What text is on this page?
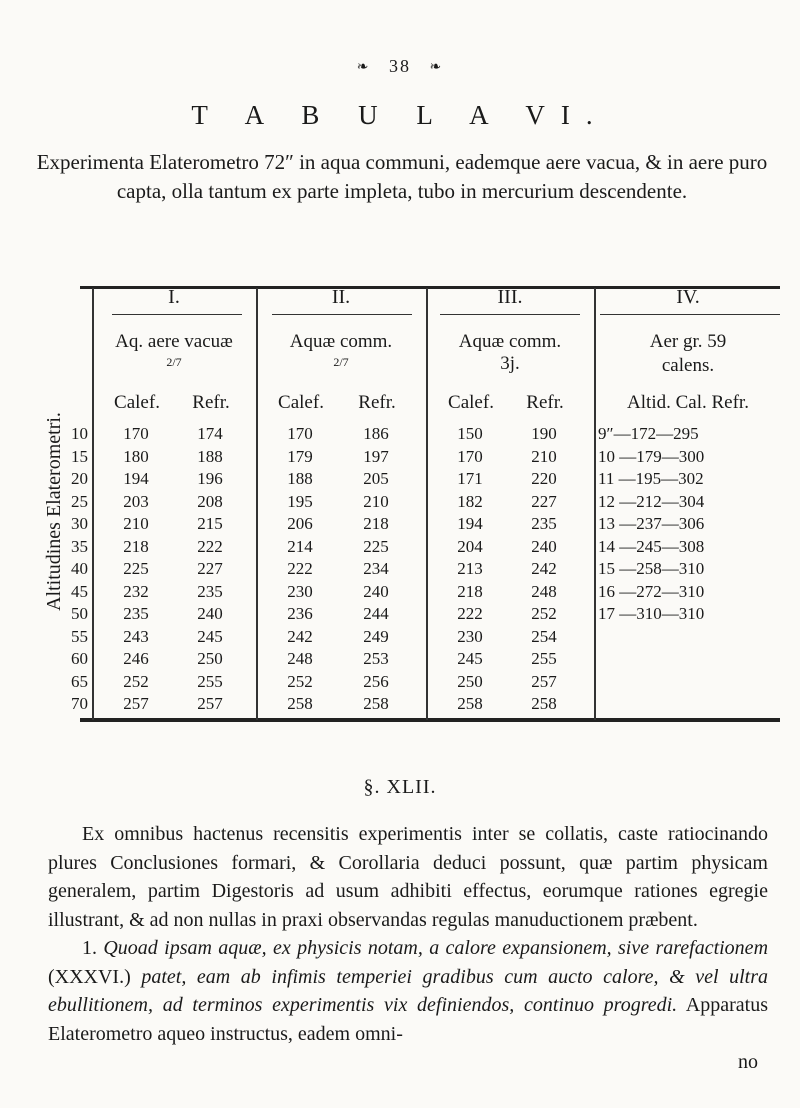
❧ 38 ❧
T A B U L A VI.
Experimenta Elaterometro 72″ in aqua communi, eademque aere vacua, & in aere puro capta, olla tantum ex parte impleta, tubo in mercurium descendente.
Altitudines Elaterometri.
I.
Aq. aere vacuæ
2/7
Calef.	Refr.
II.
Aquæ comm.
2/7
Calef.	Refr.
III.
Aquæ comm.
3j.
Calef.	Refr.
IV.
Aer gr. 59
calens.
Altid. Cal. Refr.
10	170	174	170	186	150	190	9″—172—295
15	180	188	179	197	170	210	10 —179—300
20	194	196	188	205	171	220	11 —195—302
25	203	208	195	210	182	227	12 —212—304
30	210	215	206	218	194	235	13 —237—306
35	218	222	214	225	204	240	14 —245—308
40	225	227	222	234	213	242	15 —258—310
45	232	235	230	240	218	248	16 —272—310
50	235	240	236	244	222	252	17 —310—310
55	243	245	242	249	230	254
60	246	250	248	253	245	255
65	252	255	252	256	250	257
70	257	257	258	258	258	258
§. XLII.

Ex omnibus hactenus recensitis experimentis inter se collatis, caste ratiocinando plures Conclusiones formari, & Corollaria deduci possunt, quæ partim physicam generalem, partim Digestoris ad usum adhibiti effectus, eorumque rationes egregie illustrant, & ad non nullas in praxi observandas regulas manuductionem præbent.

1. Quoad ipsam aquæ, ex physicis notam, a calore expansionem, sive rarefactionem (XXXVI.) patet, eam ab infimis temperiei gradibus cum aucto calore, & vel ultra ebullitionem, ad terminos experimentis vix definiendos, continuo progredi. Apparatus Elaterometro aqueo instructus, eadem omni-

no
